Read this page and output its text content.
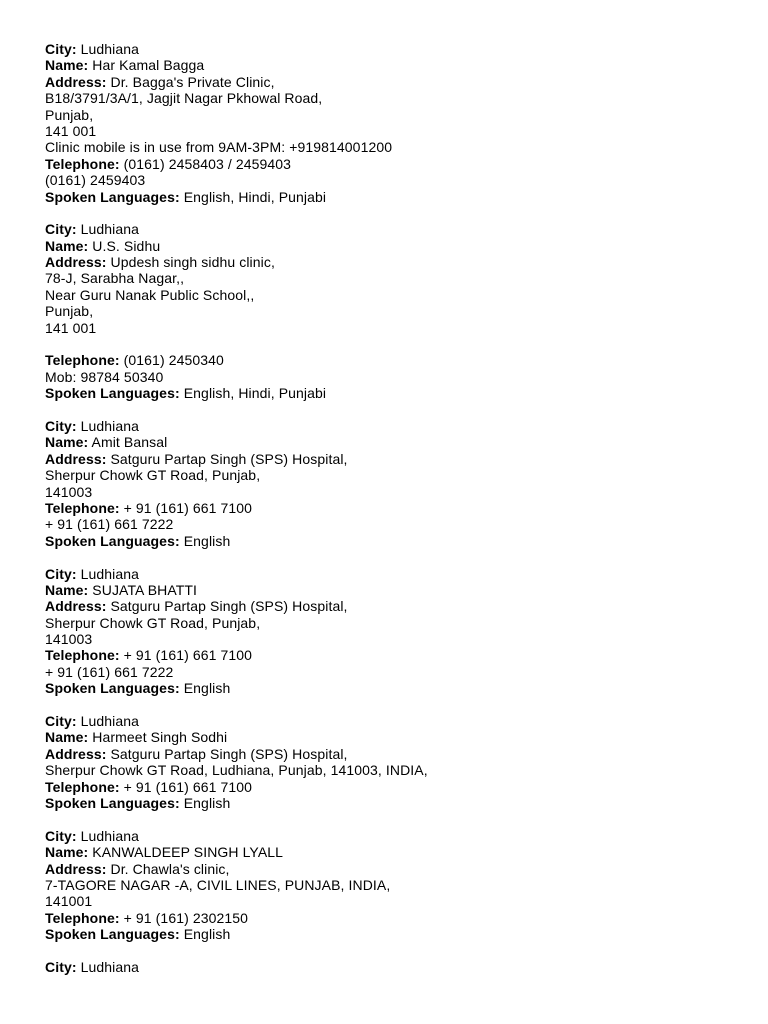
City: Ludhiana
Name: Har Kamal Bagga
Address: Dr. Bagga's Private Clinic,
B18/3791/3A/1, Jagjit Nagar Pkhowal Road,
Punjab,
141 001
Clinic mobile is in use from 9AM-3PM: +919814001200
Telephone: (0161) 2458403 / 2459403
(0161) 2459403
Spoken Languages: English, Hindi, Punjabi
City: Ludhiana
Name: U.S. Sidhu
Address: Updesh singh sidhu clinic,
78-J, Sarabha Nagar,,
Near Guru Nanak Public School,,
Punjab,
141 001
Telephone: (0161) 2450340
Mob: 98784 50340
Spoken Languages: English, Hindi, Punjabi
City: Ludhiana
Name: Amit Bansal
Address: Satguru Partap Singh (SPS) Hospital,
Sherpur Chowk GT Road, Punjab,
141003
Telephone: + 91 (161) 661 7100
+ 91 (161) 661 7222
Spoken Languages: English
City: Ludhiana
Name: SUJATA BHATTI
Address: Satguru Partap Singh (SPS) Hospital,
Sherpur Chowk GT Road, Punjab,
141003
Telephone: + 91 (161) 661 7100
+ 91 (161) 661 7222
Spoken Languages: English
City: Ludhiana
Name: Harmeet Singh Sodhi
Address: Satguru Partap Singh (SPS) Hospital,
Sherpur Chowk GT Road, Ludhiana, Punjab, 141003, INDIA,
Telephone: + 91 (161) 661 7100
Spoken Languages: English
City: Ludhiana
Name: KANWALDEEP SINGH LYALL
Address: Dr. Chawla's clinic,
7-TAGORE NAGAR -A, CIVIL LINES, PUNJAB, INDIA,
141001
Telephone: + 91 (161) 2302150
Spoken Languages: English
City: Ludhiana
